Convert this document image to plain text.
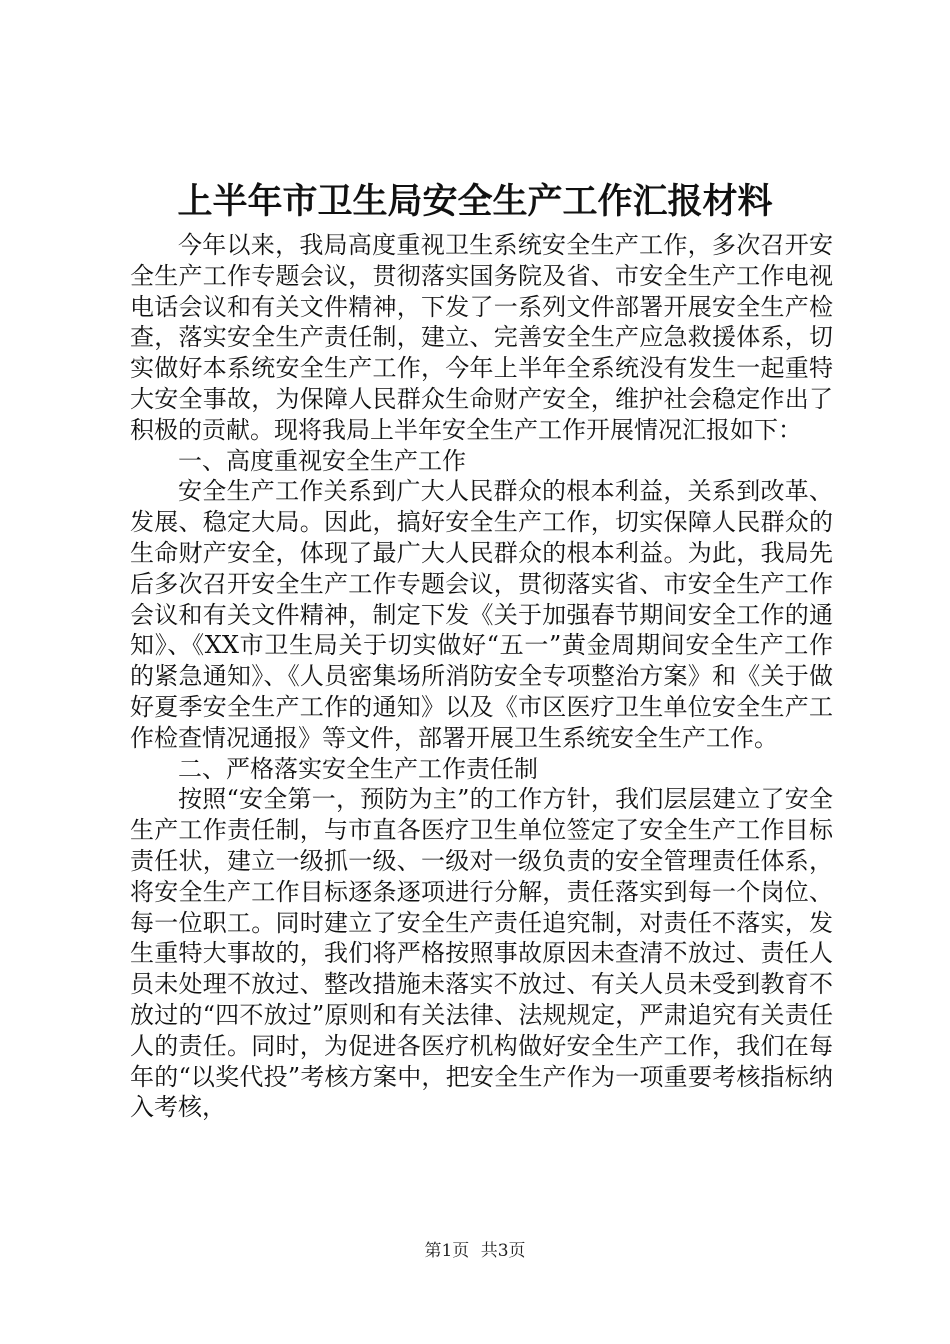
上半年市卫生局安全生产工作汇报材料

今年以来，我局高度重视卫生系统安全生产工作，多次召开安全生产工作专题会议，贯彻落实国务院及省、市安全生产工作电视电话会议和有关文件精神，下发了一系列文件部署开展安全生产检查，落实安全生产责任制，建立、完善安全生产应急救援体系，切实做好本系统安全生产工作，今年上半年全系统没有发生一起重特大安全事故，为保障人民群众生命财产安全，维护社会稳定作出了积极的贡献。现将我局上半年安全生产工作开展情况汇报如下：

一、高度重视安全生产工作

安全生产工作关系到广大人民群众的根本利益，关系到改革、发展、稳定大局。因此，搞好安全生产工作，切实保障人民群众的生命财产安全，体现了最广大人民群众的根本利益。为此，我局先后多次召开安全生产工作专题会议，贯彻落实省、市安全生产工作会议和有关文件精神，制定下发《关于加强春节期间安全工作的通知》、《XX市卫生局关于切实做好“五一”黄金周期间安全生产工作的紧急通知》、《人员密集场所消防安全专项整治方案》和《关于做好夏季安全生产工作的通知》以及《市区医疗卫生单位安全生产工作检查情况通报》等文件，部署开展卫生系统安全生产工作。

二、严格落实安全生产工作责任制

按照“安全第一，预防为主”的工作方针，我们层层建立了安全生产工作责任制，与市直各医疗卫生单位签定了安全生产工作目标责任状，建立一级抓一级、一级对一级负责的安全管理责任体系，将安全生产工作目标逐条逐项进行分解，责任落实到每一个岗位、每一位职工。同时建立了安全生产责任追究制，对责任不落实，发生重特大事故的，我们将严格按照事故原因未查清不放过、责任人员未处理不放过、整改措施未落实不放过、有关人员未受到教育不放过的“四不放过”原则和有关法律、法规规定，严肃追究有关责任人的责任。同时，为促进各医疗机构做好安全生产工作，我们在每年的“以奖代投”考核方案中，把安全生产作为一项重要考核指标纳入考核，

第1页 共3页
